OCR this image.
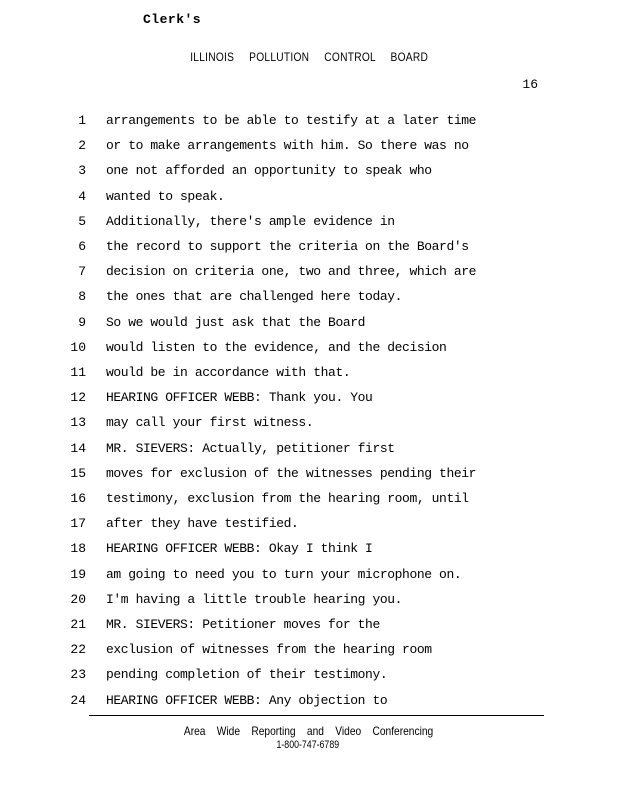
Clerk's
ILLINOIS POLLUTION CONTROL BOARD
16
1 arrangements to be able to testify at a later time
2 or to make arrangements with him. So there was no
3 one not afforded an opportunity to speak who
4 wanted to speak.
5 Additionally, there's ample evidence in
6 the record to support the criteria on the Board's
7 decision on criteria one, two and three, which are
8 the ones that are challenged here today.
9 So we would just ask that the Board
10 would listen to the evidence, and the decision
11 would be in accordance with that.
12 HEARING OFFICER WEBB: Thank you. You
13 may call your first witness.
14 MR. SIEVERS: Actually, petitioner first
15 moves for exclusion of the witnesses pending their
16 testimony, exclusion from the hearing room, until
17 after they have testified.
18 HEARING OFFICER WEBB: Okay I think I
19 am going to need you to turn your microphone on.
20 I'm having a little trouble hearing you.
21 MR. SIEVERS: Petitioner moves for the
22 exclusion of witnesses from the hearing room
23 pending completion of their testimony.
24 HEARING OFFICER WEBB: Any objection to
Area Wide Reporting and Video Conferencing
1-800-747-6789
